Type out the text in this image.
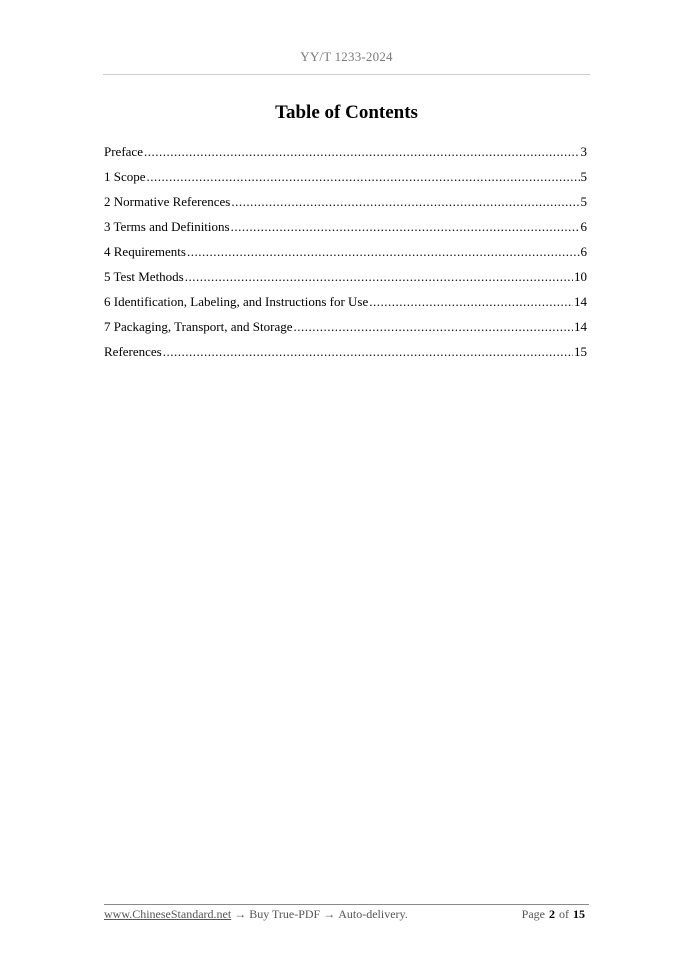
YY/T 1233-2024
Table of Contents
Preface .....	3
1 Scope .....	5
2 Normative References .....	5
3 Terms and Definitions .....	6
4 Requirements .....	6
5 Test Methods .....	10
6 Identification, Labeling, and Instructions for Use .....	14
7 Packaging, Transport, and Storage .....	14
References .....	15
www.ChineseStandard.net → Buy True-PDF → Auto-delivery.	Page 2 of 15
